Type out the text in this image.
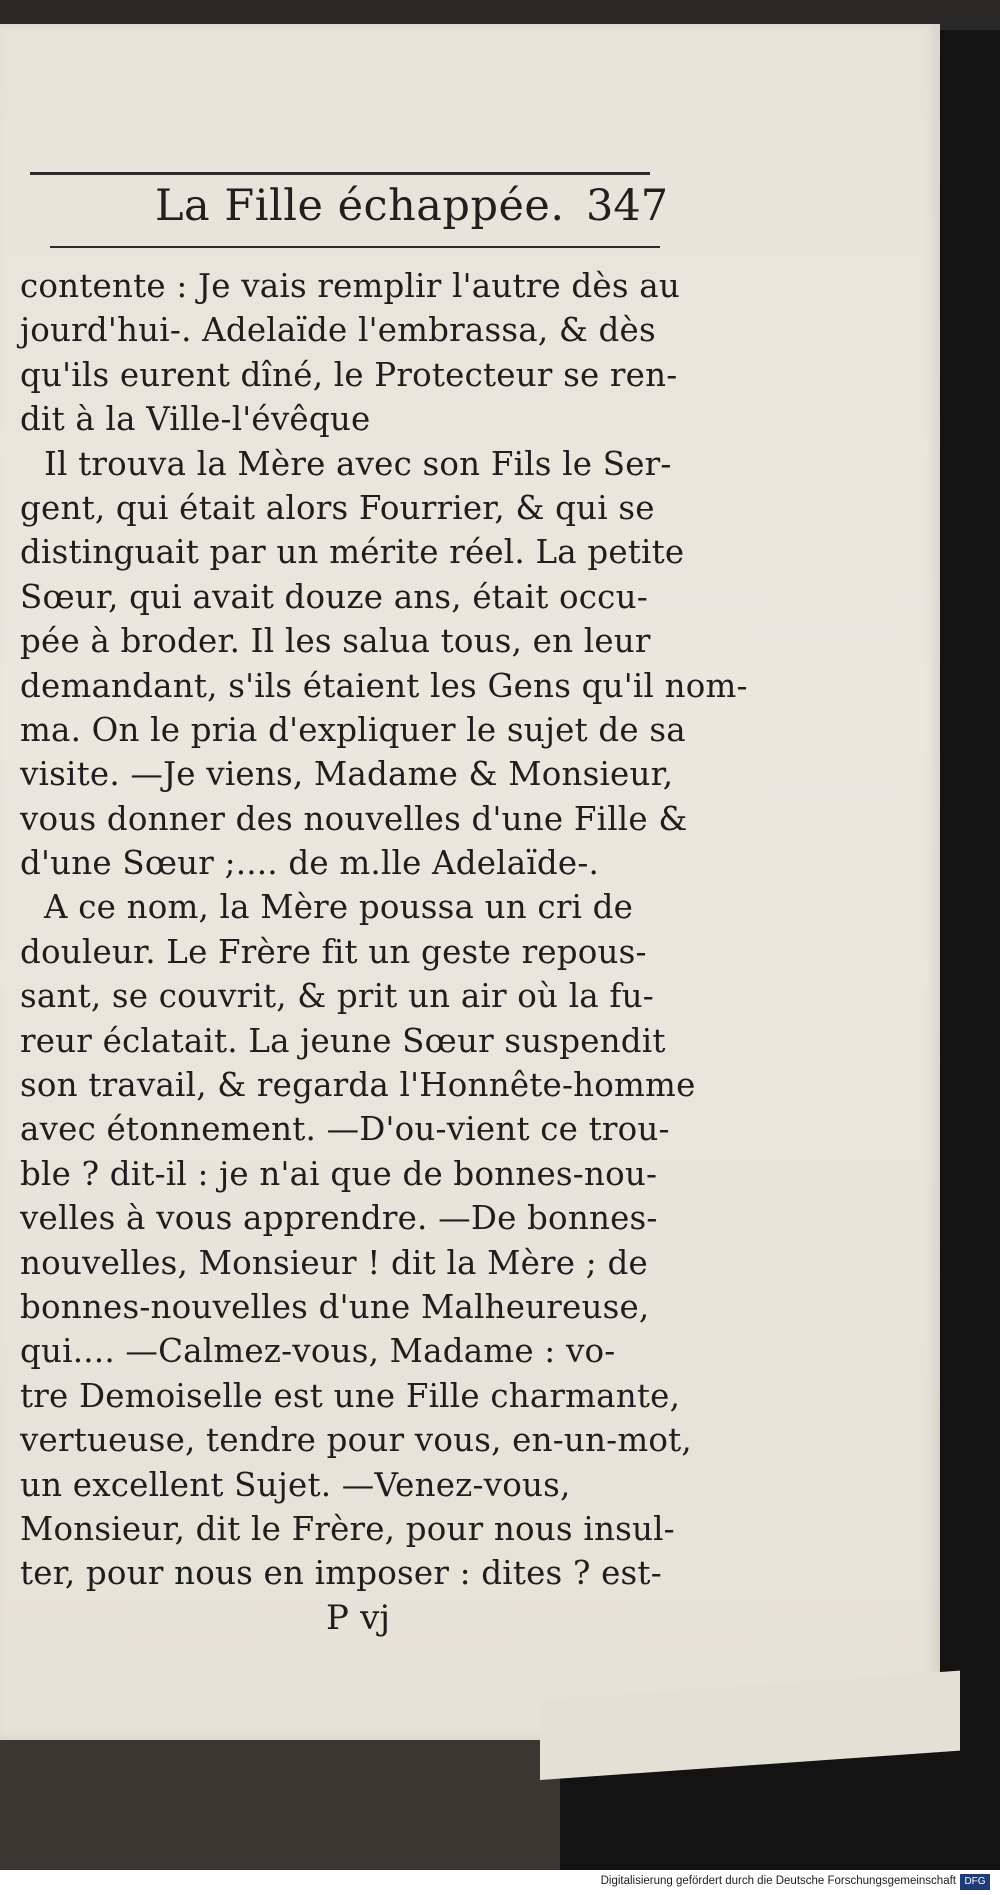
La Fille échappée. 347
contente : Je vais remplir l'autre dès au
jourd'hui-. Adelaïde l'embrassa, & dès
qu'ils eurent dîné, le Protecteur se ren-
dit à la Ville-l'évêque
Il trouva la Mère avec son Fils le Ser-
gent, qui était alors Fourrier, & qui se
distinguait par un mérite réel. La petite
Sœur, qui avait douze ans, était occu-
pée à broder. Il les salua tous, en leur
demandant, s'ils étaient les Gens qu'il nom-
ma. On le pria d'expliquer le sujet de sa
visite. —Je viens, Madame & Monsieur,
vous donner des nouvelles d'une Fille &
d'une Sœur ;.... de m.lle Adelaïde-.
A ce nom, la Mère poussa un cri de
douleur. Le Frère fit un geste repous-
sant, se couvrit, & prit un air où la fu-
reur éclatait. La jeune Sœur suspendit
son travail, & regarda l'Honnête-homme
avec étonnement. —D'ou-vient ce trou-
ble ? dit-il : je n'ai que de bonnes-nou-
velles à vous apprendre. —De bonnes-
nouvelles, Monsieur ! dit la Mère ; de
bonnes-nouvelles d'une Malheureuse,
qui.... —Calmez-vous, Madame : vo-
tre Demoiselle est une Fille charmante,
vertueuse, tendre pour vous, en-un-mot,
un excellent Sujet. —Venez-vous,
Monsieur, dit le Frère, pour nous insul-
ter, pour nous en imposer : dites ? est-
P vj
Digitalisierung gefördert durch die Deutsche Forschungsgemeinschaft DFG
